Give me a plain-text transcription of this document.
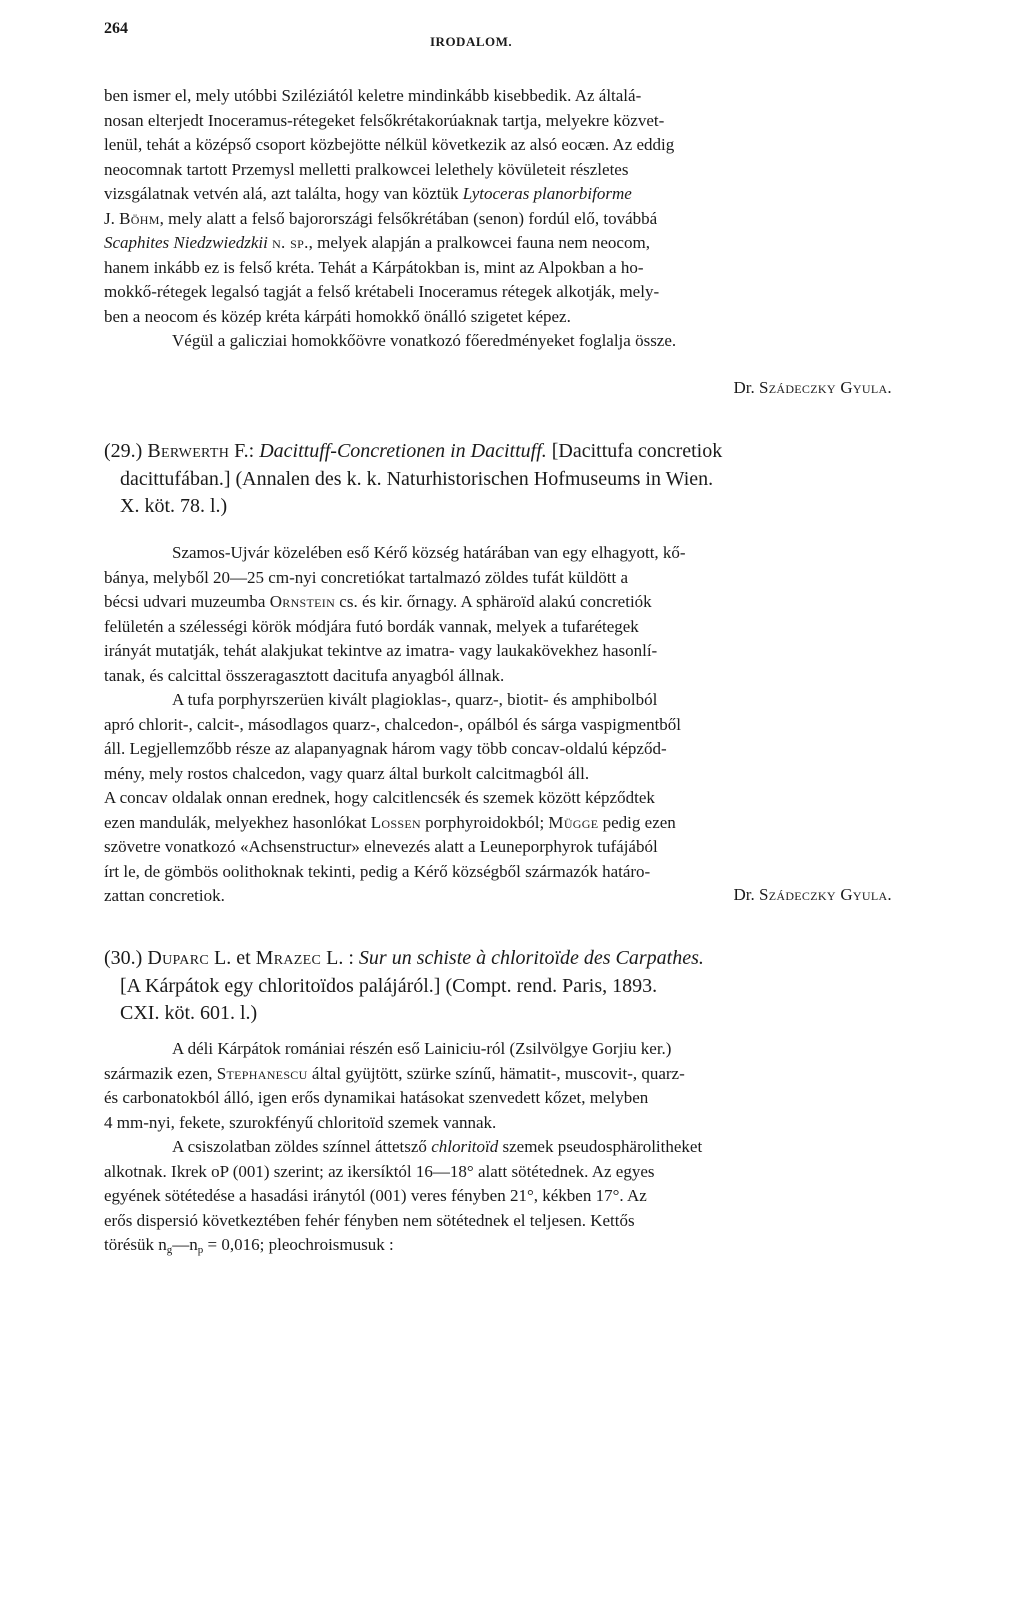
264
IRODALOM.
ben ismer el, mely utóbbi Sziléziától keletre mindinkább kisebbedik. Az általá-
nosan elterjedt Inoceramus-rétegeket felsőkrétakorúaknak tartja, melyekre közvet-
lenül, tehát a középső csoport közbejötte nélkül következik az alsó eocæn. Az eddig
neocomnak tartott Przemysl melletti pralkowcei lelethely kövületeit részletes
vizsgálatnak vetvén alá, azt találta, hogy van köztük Lytoceras planorbiforme
J. Böhm, mely alatt a felső bajorországi felsőkrétában (senon) fordúl elő, továbbá
Scaphites Niedzwiedzkii n. sp., melyek alapján a pralkowcei fauna nem neocom,
hanem inkább ez is felső kréta. Tehát a Kárpátokban is, mint az Alpokban a ho-
mokkő-rétegek legalsó tagját a felső krétabeli Inoceramus rétegek alkotják, mely-
ben a neocom és közép kréta kárpáti homokkő önálló szigetet képez.
Végül a galicziai homokkőövre vonatkozó főeredményeket foglalja össze.
Dr. Szádeczky Gyula.
(29.) Berwerth F.: Dacittuff-Concretionen in Dacittuff. [Dacittufa concretiok
dacittufában.] (Annalen des k. k. Naturhistorischen Hofmuseums in Wien.
X. köt. 78. l.)
Szamos-Ujvár közelében eső Kérő község határában van egy elhagyott, kő-
bánya, melyből 20—25 cm-nyi concretiókat tartalmazó zöldes tufát küldött a
bécsi udvari muzeumba Ornstein cs. és kir. őrnagy. A sphäroïd alakú concretiók
felületén a szélességi körök módjára futó bordák vannak, melyek a tufarétegek
irányát mutatják, tehát alakjukat tekintve az imatra- vagy laukakövekhez hasonlí-
tanak, és calcittal összeragasztott dacitufa anyagból állnak.
A tufa porphyrszerüen kivált plagioklas-, quarz-, biotit- és amphibolból
apró chlorit-, calcit-, másodlagos quarz-, chalcedon-, opálból és sárga vaspigmentből
áll. Legjellemzőbb része az alapanyagnak három vagy több concav-oldalú képződ-
mény, mely rostos chalcedon, vagy quarz által burkolt calcitmagból áll.
A concav oldalak onnan erednek, hogy calcitlencsék és szemek között képződtek
ezen mandulák, melyekhez hasonlókat Lossen porphyroidokból; Mügge pedig ezen
szövetre vonatkozó «Achsenstructur» elnevezés alatt a Leuneporphyrok tufájából
írt le, de gömbös oolithoknak tekinti, pedig a Kérő községből származók határo-
zattan concretiok.	Dr. Szádeczky Gyula.
(30.) Duparc L. et Mrazec L. : Sur un schiste à chloritoïde des Carpathes.
[A Kárpátok egy chloritoïdos palájáról.] (Compt. rend. Paris, 1893.
CXI. köt. 601. l.)
A déli Kárpátok romániai részén eső Lainiciu-ról (Zsilvölgye Gorjiu ker.)
származik ezen, Stephanescu által gyüjtött, szürke színű, hämatit-, muscovit-, quarz-
és carbonatokból álló, igen erős dynamikai hatásokat szenvedett kőzet, melyben
4 mm-nyi, fekete, szurokfényű chloritoïd szemek vannak.
A csiszolatban zöldes színnel áttetsző chloritoïd szemek pseudosphärolitheket
alkotnak. Ikrek oP (001) szerint; az ikersíktól 16—18° alatt sötétednek. Az egyes
egyének sötétedése a hasadási iránytól (001) veres fényben 21°, kékben 17°. Az
erős dispersió következtében fehér fényben nem sötétednek el teljesen. Kettős
törésük $n_g—n_p = 0,016$; pleochroismusuk :
